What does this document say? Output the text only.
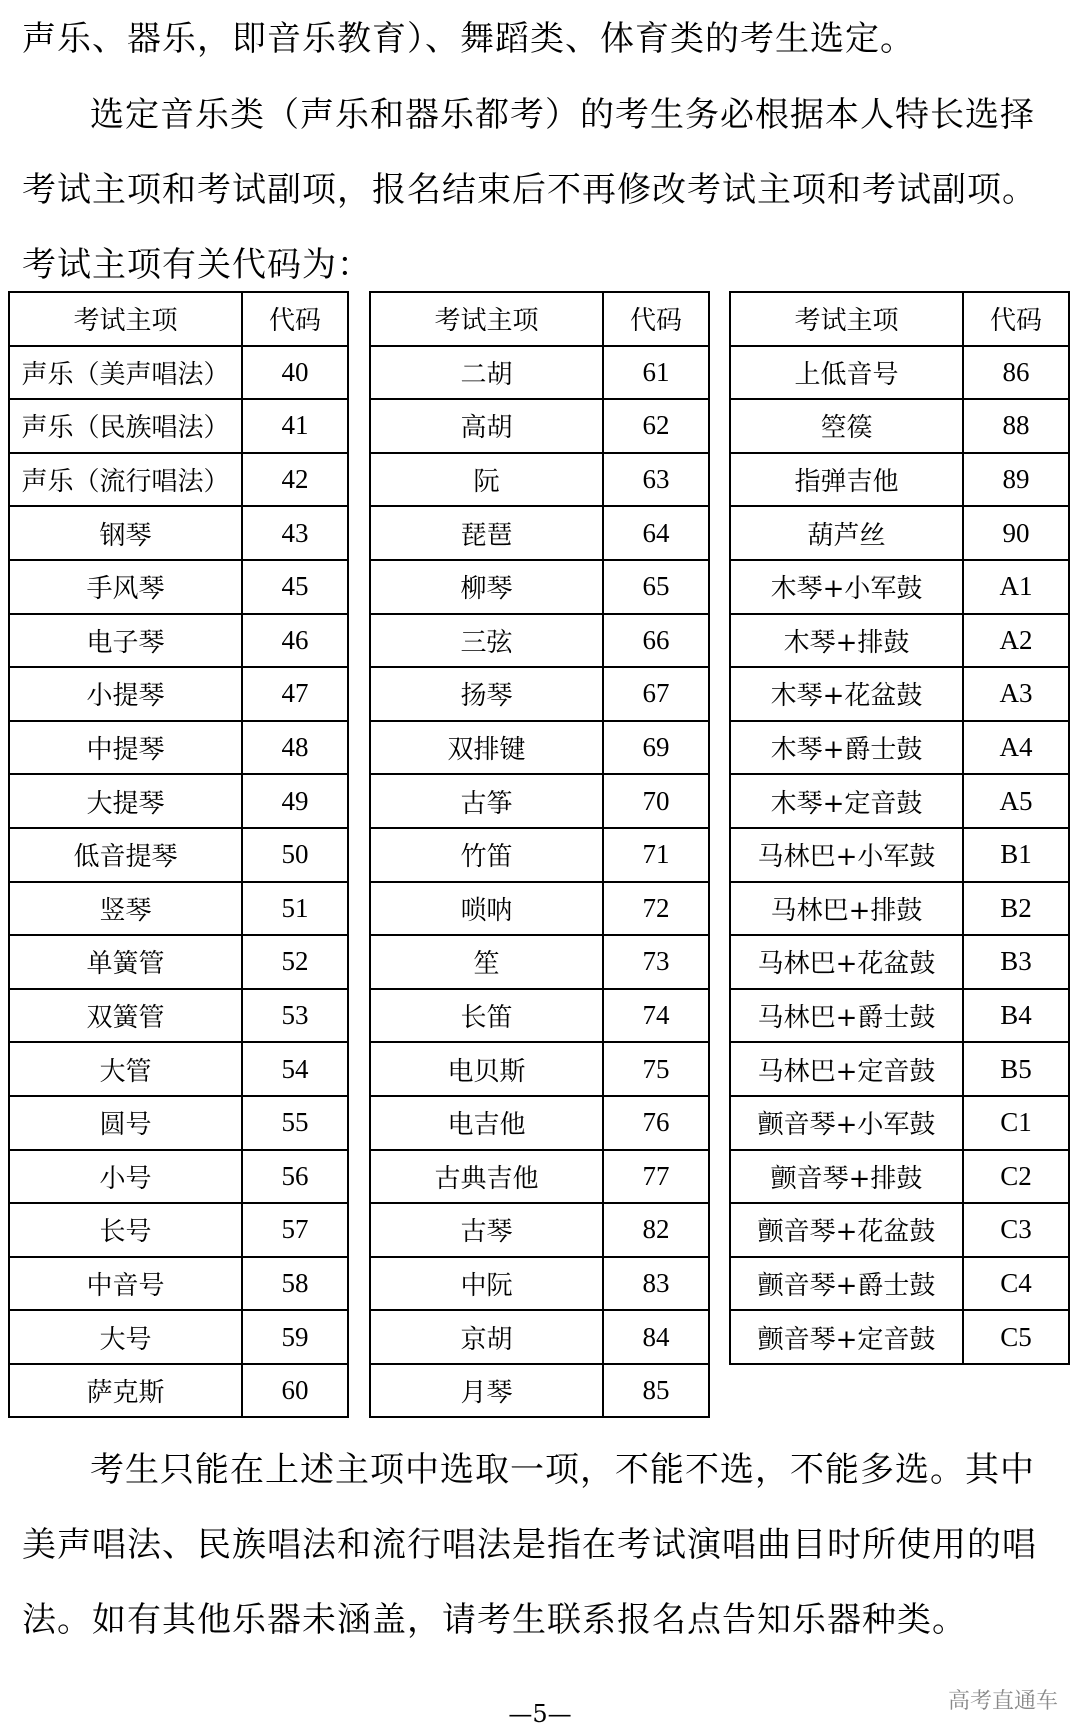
声乐、器乐，即音乐教育）、舞蹈类、体育类的考生选定。

选定音乐类（声乐和器乐都考）的考生务必根据本人特长选择考试主项和考试副项，报名结束后不再修改考试主项和考试副项。考试主项有关代码为：

考试主项	代码
声乐（美声唱法）	40
声乐（民族唱法）	41
声乐（流行唱法）	42
钢琴	43
手风琴	45
电子琴	46
小提琴	47
中提琴	48
大提琴	49
低音提琴	50
竖琴	51
单簧管	52
双簧管	53
大管	54
圆号	55
小号	56
长号	57
中音号	58
大号	59
萨克斯	60
考试主项	代码
二胡	61
高胡	62
阮	63
琵琶	64
柳琴	65
三弦	66
扬琴	67
双排键	69
古筝	70
竹笛	71
唢呐	72
笙	73
长笛	74
电贝斯	75
电吉他	76
古典吉他	77
古琴	82
中阮	83
京胡	84
月琴	85
考试主项	代码
上低音号	86
箜篌	88
指弹吉他	89
葫芦丝	90
木琴+小军鼓	A1
木琴+排鼓	A2
木琴+花盆鼓	A3
木琴+爵士鼓	A4
木琴+定音鼓	A5
马林巴+小军鼓	B1
马林巴+排鼓	B2
马林巴+花盆鼓	B3
马林巴+爵士鼓	B4
马林巴+定音鼓	B5
颤音琴+小军鼓	C1
颤音琴+排鼓	C2
颤音琴+花盆鼓	C3
颤音琴+爵士鼓	C4
颤音琴+定音鼓	C5

考生只能在上述主项中选取一项，不能不选，不能多选。其中美声唱法、民族唱法和流行唱法是指在考试演唱曲目时所使用的唱法。如有其他乐器未涵盖，请考生联系报名点告知乐器种类。

高考直通车
—5—
